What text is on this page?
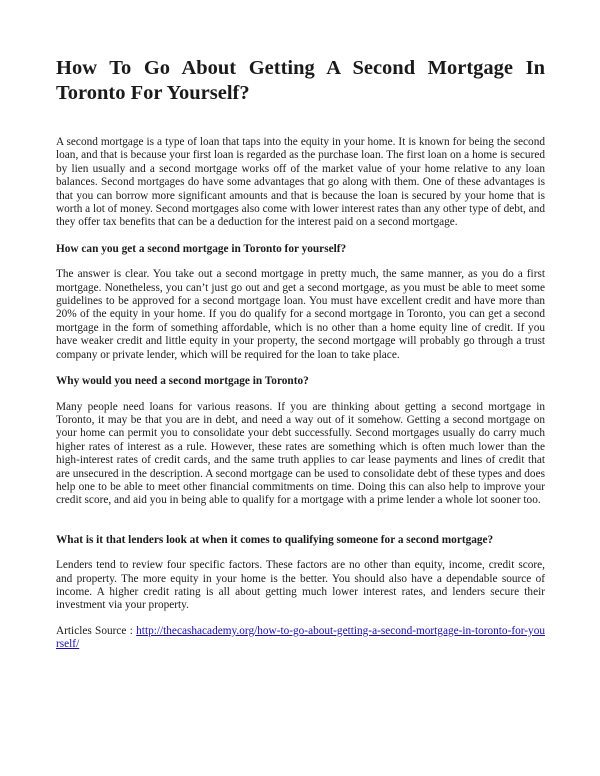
How To Go About Getting A Second Mortgage In Toronto For Yourself?

A second mortgage is a type of loan that taps into the equity in your home. It is known for being the second loan, and that is because your first loan is regarded as the purchase loan. The first loan on a home is secured by lien usually and a second mortgage works off of the market value of your home relative to any loan balances. Second mortgages do have some advantages that go along with them. One of these advantages is that you can borrow more significant amounts and that is because the loan is secured by your home that is worth a lot of money. Second mortgages also come with lower interest rates than any other type of debt, and they offer tax benefits that can be a deduction for the interest paid on a second mortgage.

How can you get a second mortgage in Toronto for yourself?

The answer is clear. You take out a second mortgage in pretty much, the same manner, as you do a first mortgage. Nonetheless, you can’t just go out and get a second mortgage, as you must be able to meet some guidelines to be approved for a second mortgage loan. You must have excellent credit and have more than 20% of the equity in your home. If you do qualify for a second mortgage in Toronto, you can get a second mortgage in the form of something affordable, which is no other than a home equity line of credit. If you have weaker credit and little equity in your property, the second mortgage will probably go through a trust company or private lender, which will be required for the loan to take place.

Why would you need a second mortgage in Toronto?

Many people need loans for various reasons. If you are thinking about getting a second mortgage in Toronto, it may be that you are in debt, and need a way out of it somehow. Getting a second mortgage on your home can permit you to consolidate your debt successfully. Second mortgages usually do carry much higher rates of interest as a rule. However, these rates are something which is often much lower than the high-interest rates of credit cards, and the same truth applies to car lease payments and lines of credit that are unsecured in the description. A second mortgage can be used to consolidate debt of these types and does help one to be able to meet other financial commitments on time. Doing this can also help to improve your credit score, and aid you in being able to qualify for a mortgage with a prime lender a whole lot sooner too.

What is it that lenders look at when it comes to qualifying someone for a second mortgage?

Lenders tend to review four specific factors. These factors are no other than equity, income, credit score, and property. The more equity in your home is the better. You should also have a dependable source of income. A higher credit rating is all about getting much lower interest rates, and lenders secure their investment via your property.

Articles Source : http://thecashacademy.org/how-to-go-about-getting-a-second-mortgage-in-toronto-for-yourself/
